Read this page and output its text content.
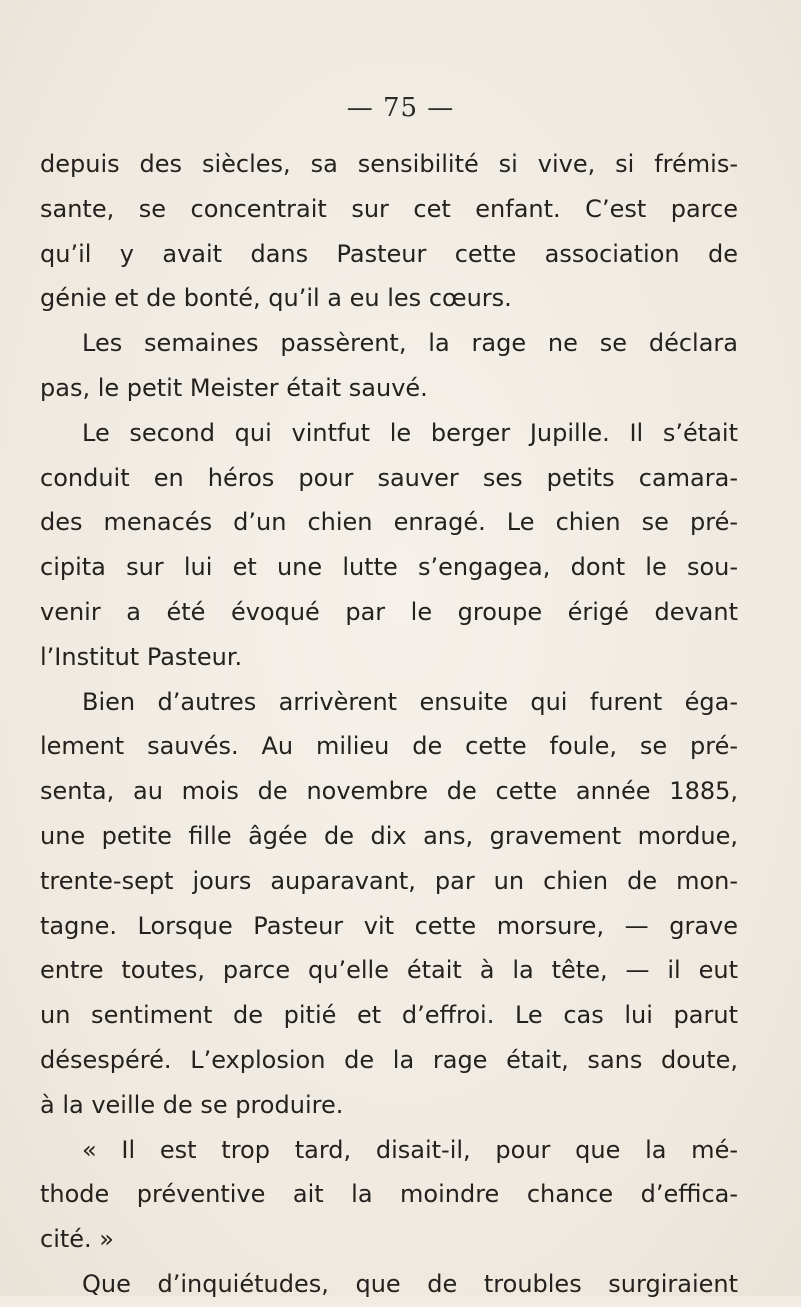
— 75 —
depuis des siècles, sa sensibilité si vive, si frémis-
sante, se concentrait sur cet enfant. C’est parce
qu’il y avait dans Pasteur cette association de
génie et de bonté, qu’il a eu les cœurs.
Les semaines passèrent, la rage ne se déclara
pas, le petit Meister était sauvé.
Le second qui vintfut le berger Jupille. Il s’était
conduit en héros pour sauver ses petits camara-
des menacés d’un chien enragé. Le chien se pré-
cipita sur lui et une lutte s’engagea, dont le sou-
venir a été évoqué par le groupe érigé devant
l’Institut Pasteur.
Bien d’autres arrivèrent ensuite qui furent éga-
lement sauvés. Au milieu de cette foule, se pré-
senta, au mois de novembre de cette année 1885,
une petite fille âgée de dix ans, gravement mordue,
trente-sept jours auparavant, par un chien de mon-
tagne. Lorsque Pasteur vit cette morsure, — grave
entre toutes, parce qu’elle était à la tête, — il eut
un sentiment de pitié et d’effroi. Le cas lui parut
désespéré. L’explosion de la rage était, sans doute,
à la veille de se produire.
« Il est trop tard, disait-il, pour que la mé-
thode préventive ait la moindre chance d’effica-
cité. »
Que d’inquiétudes, que de troubles surgiraient
